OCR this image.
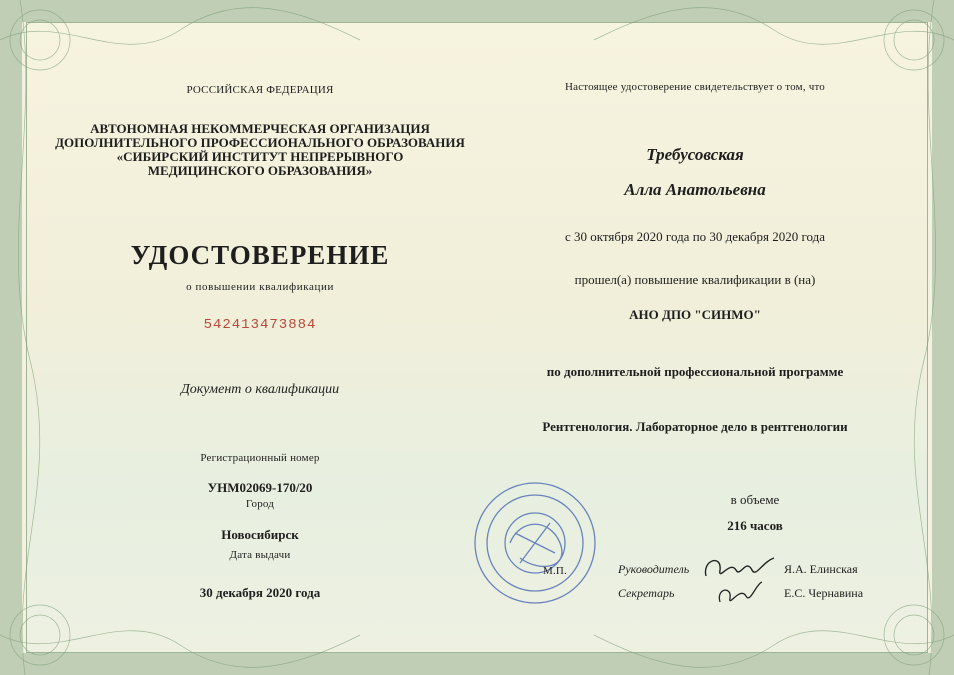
РОССИЙСКАЯ ФЕДЕРАЦИЯ
АВТОНОМНАЯ НЕКОММЕРЧЕСКАЯ ОРГАНИЗАЦИЯ
ДОПОЛНИТЕЛЬНОГО ПРОФЕССИОНАЛЬНОГО ОБРАЗОВАНИЯ
«СИБИРСКИЙ ИНСТИТУТ НЕПРЕРЫВНОГО
МЕДИЦИНСКОГО ОБРАЗОВАНИЯ»
УДОСТОВЕРЕНИЕ
о повышении квалификации
542413473884
Документ о квалификации
Регистрационный номер
УНМ02069-170/20
Город
Новосибирск
Дата выдачи
30 декабря 2020 года
Настоящее удостоверение свидетельствует о том, что
Требусовская
Алла Анатольевна
с 30 октября 2020 года по 30 декабря 2020 года
прошел(а) повышение квалификации в (на)
АНО ДПО "СИНМО"
по дополнительной профессиональной программе
Рентгенология. Лабораторное дело в рентгенологии
в объеме
216 часов
М.П.	Руководитель	Я.А. Елинская
Секретарь	Е.С. Чернавина
